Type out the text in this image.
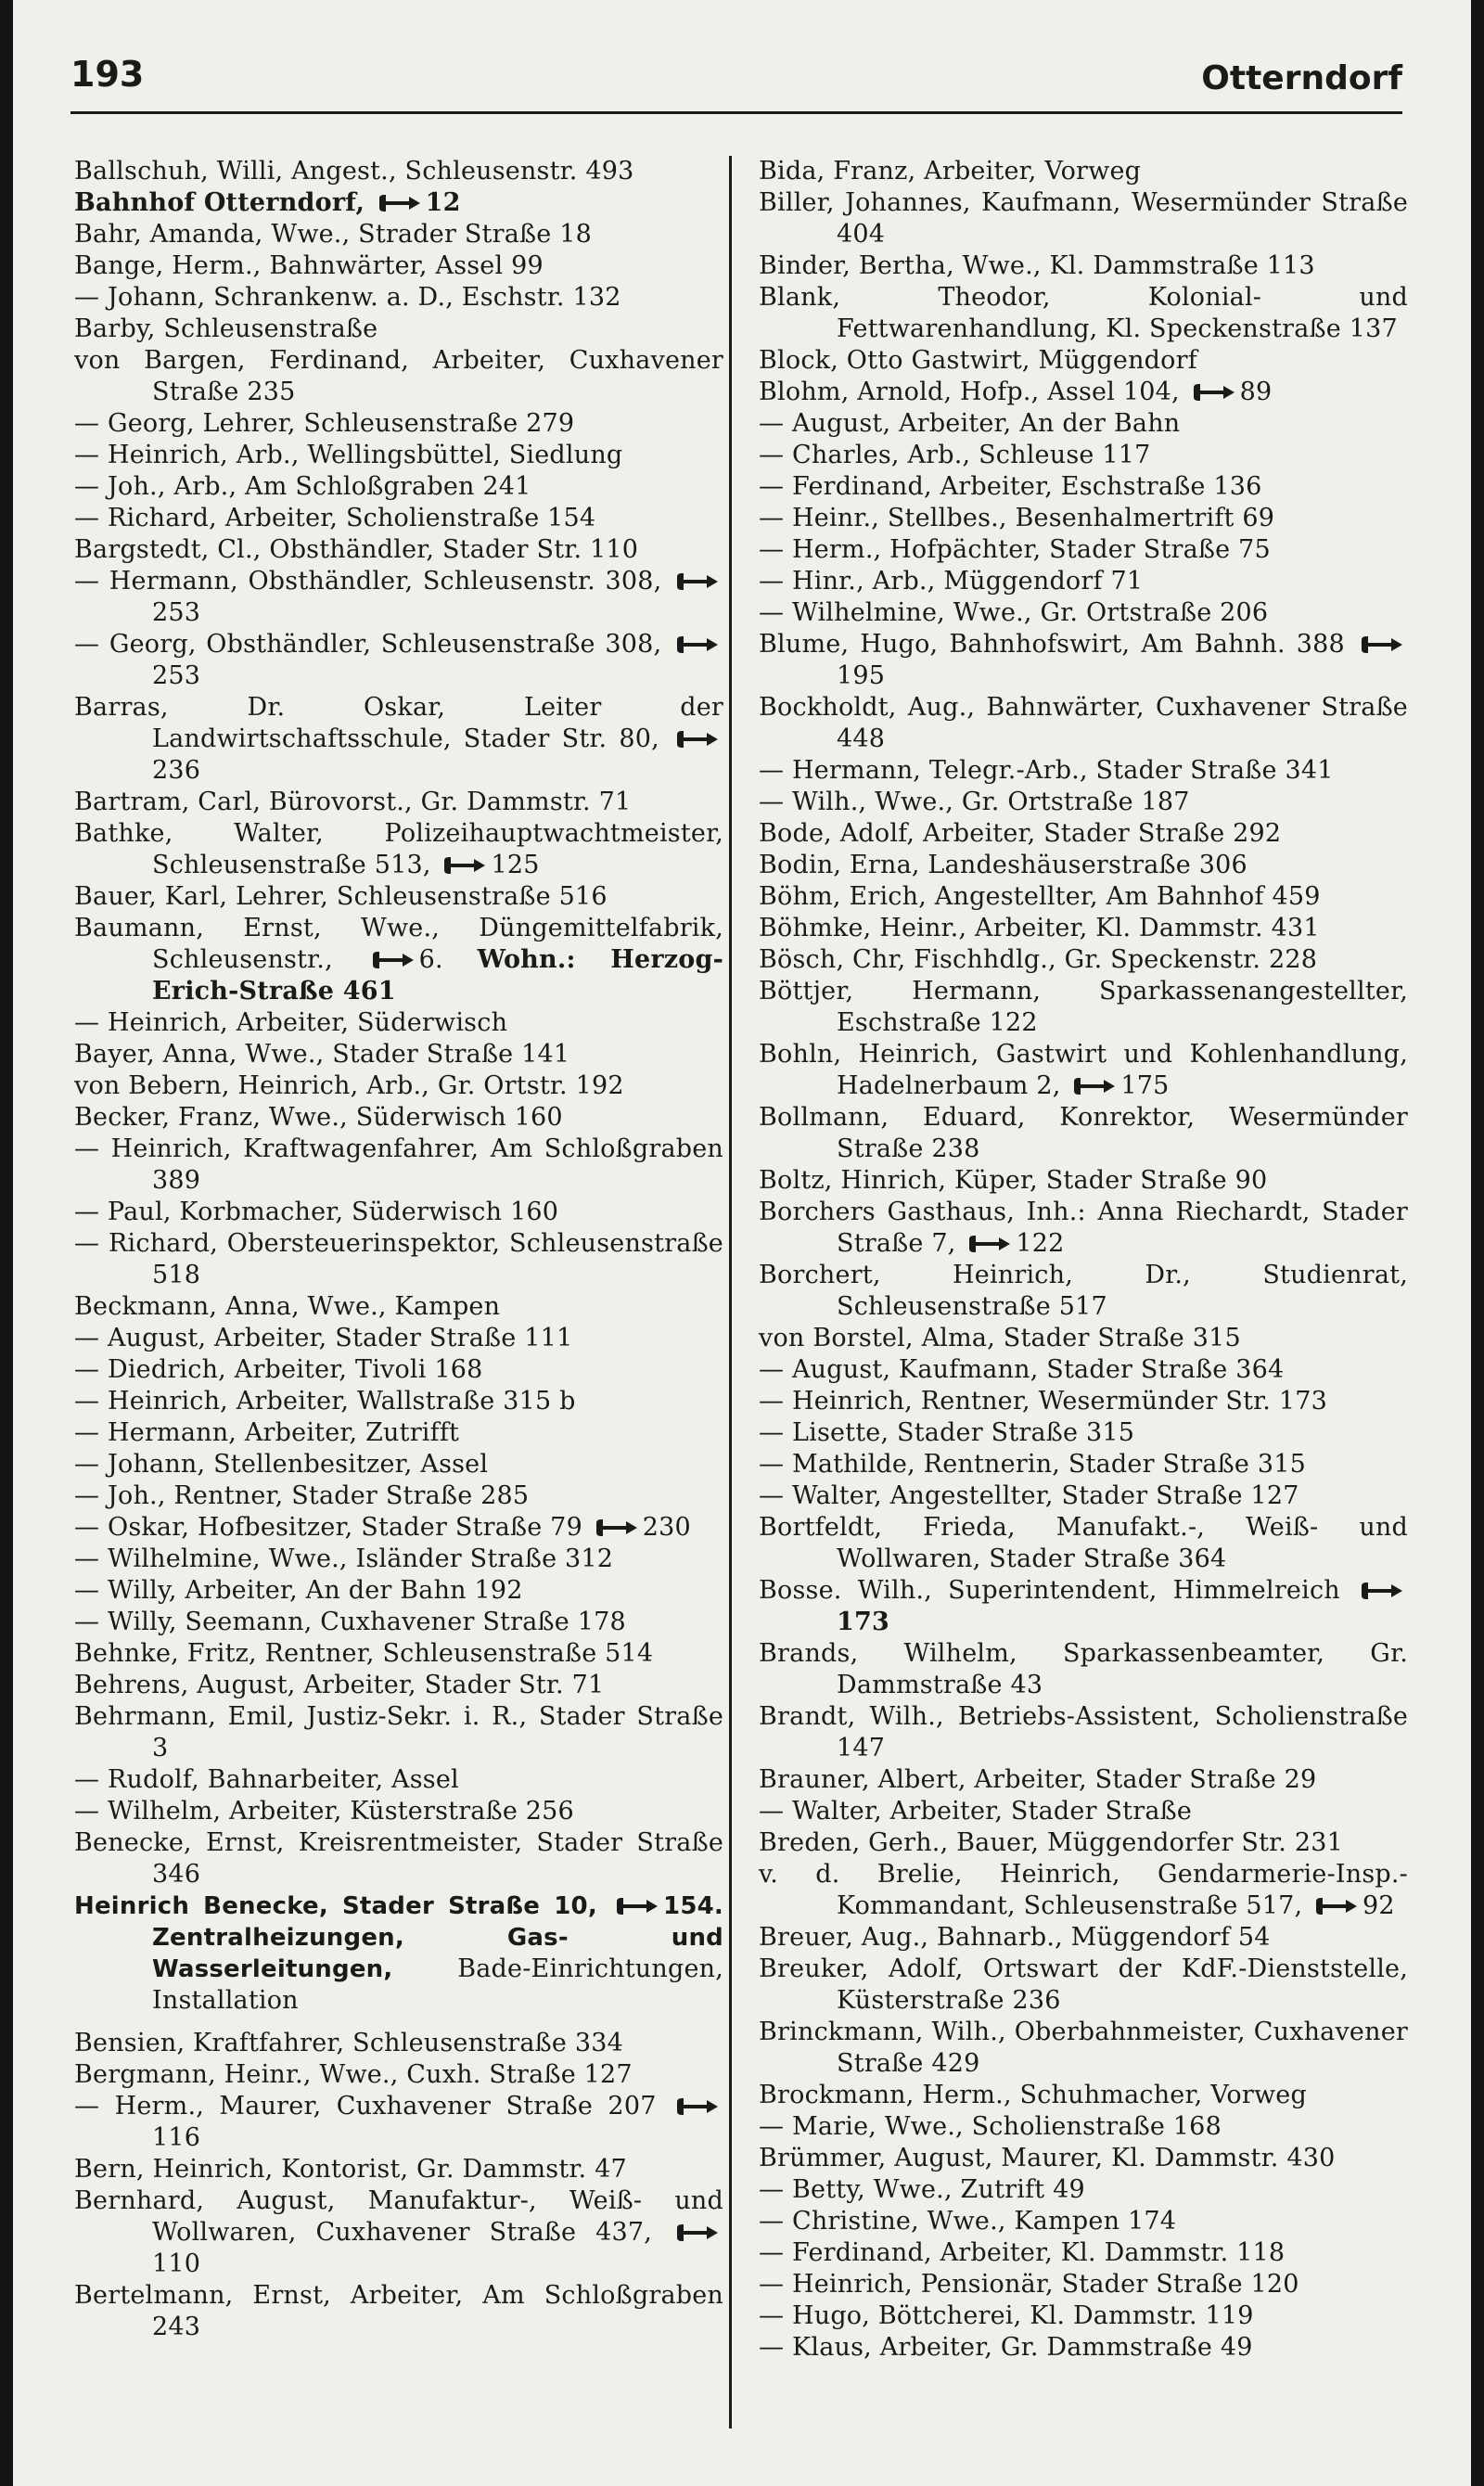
193	Otterndorf

Ballschuh, Willi, Angest., Schleusenstr. 493

Bahnhof Otterndorf, 12

Bahr, Amanda, Wwe., Strader Straße 18

Bange, Herm., Bahnwärter, Assel 99

— Johann, Schrankenw. a. D., Eschstr. 132

Barby, Schleusenstraße

von Bargen, Ferdinand, Arbeiter, Cuxhavener Straße 235

— Georg, Lehrer, Schleusenstraße 279

— Heinrich, Arb., Wellingsbüttel, Siedlung

— Joh., Arb., Am Schloßgraben 241

— Richard, Arbeiter, Scholienstraße 154

Bargstedt, Cl., Obsthändler, Stader Str. 110

— Hermann, Obsthändler, Schleusenstr. 308, 253

— Georg, Obsthändler, Schleusenstraße 308, 253

Barras, Dr. Oskar, Leiter der Landwirtschaftsschule, Stader Str. 80, 236

Bartram, Carl, Bürovorst., Gr. Dammstr. 71

Bathke, Walter, Polizeihauptwachtmeister, Schleusenstraße 513, 125

Bauer, Karl, Lehrer, Schleusenstraße 516

Baumann, Ernst, Wwe., Düngemittelfabrik, Schleusenstr.,	6. Wohn.: Herzog-Erich-Straße 461

— Heinrich, Arbeiter, Süderwisch

Bayer, Anna, Wwe., Stader Straße 141

von Bebern, Heinrich, Arb., Gr. Ortstr. 192

Becker, Franz, Wwe., Süderwisch 160

— Heinrich, Kraftwagenfahrer, Am Schloßgraben 389

— Paul, Korbmacher, Süderwisch 160

— Richard, Obersteuerinspektor, Schleusenstraße 518

Beckmann, Anna, Wwe., Kampen

— August, Arbeiter, Stader Straße 111

— Diedrich, Arbeiter, Tivoli 168

— Heinrich, Arbeiter, Wallstraße 315 b

— Hermann, Arbeiter, Zutrifft

— Johann, Stellenbesitzer, Assel

— Joh., Rentner, Stader Straße 285

— Oskar, Hofbesitzer, Stader Straße 79 230

— Wilhelmine, Wwe., Isländer Straße 312

— Willy, Arbeiter, An der Bahn 192

— Willy, Seemann, Cuxhavener Straße 178

Behnke, Fritz, Rentner, Schleusenstraße 514

Behrens, August, Arbeiter, Stader Str. 71

Behrmann, Emil, Justiz-Sekr. i. R., Stader Straße 3

— Rudolf, Bahnarbeiter, Assel

— Wilhelm, Arbeiter, Küsterstraße 256

Benecke, Ernst, Kreisrentmeister, Stader Straße 346

Heinrich Benecke, Stader Straße 10,	154. Zentralheizungen, Gas- und Wasserleitungen,	Bade-Einrichtungen, Installation

Bensien, Kraftfahrer, Schleusenstraße 334

Bergmann, Heinr., Wwe., Cuxh. Straße 127

— Herm., Maurer, Cuxhavener Straße 207 116

Bern, Heinrich, Kontorist, Gr. Dammstr. 47

Bernhard, August, Manufaktur-, Weiß- und Wollwaren, Cuxhavener Straße 437, 110

Bertelmann, Ernst, Arbeiter, Am Schloßgraben 243

Bida, Franz, Arbeiter, Vorweg

Biller, Johannes, Kaufmann, Wesermünder Straße 404

Binder, Bertha, Wwe., Kl. Dammstraße 113

Blank, Theodor, Kolonial- und Fettwarenhandlung, Kl. Speckenstraße 137

Block, Otto Gastwirt, Müggendorf

Blohm, Arnold, Hofp., Assel 104, 89

— August, Arbeiter, An der Bahn

— Charles, Arb., Schleuse 117

— Ferdinand, Arbeiter, Eschstraße 136

— Heinr., Stellbes., Besenhalmertrift 69

— Herm., Hofpächter, Stader Straße 75

— Hinr., Arb., Müggendorf 71

— Wilhelmine, Wwe., Gr. Ortstraße 206

Blume, Hugo, Bahnhofswirt, Am Bahnh. 388 195

Bockholdt, Aug., Bahnwärter, Cuxhavener Straße 448

— Hermann, Telegr.-Arb., Stader Straße 341

— Wilh., Wwe., Gr. Ortstraße 187

Bode, Adolf, Arbeiter, Stader Straße 292

Bodin, Erna, Landeshäuserstraße 306

Böhm, Erich, Angestellter, Am Bahnhof 459

Böhmke, Heinr., Arbeiter, Kl. Dammstr. 431

Bösch, Chr, Fischhdlg., Gr. Speckenstr. 228

Böttjer, Hermann, Sparkassenangestellter, Eschstraße 122

Bohln, Heinrich, Gastwirt und Kohlenhandlung, Hadelnerbaum 2, 175

Bollmann, Eduard, Konrektor, Wesermünder Straße 238

Boltz, Hinrich, Küper, Stader Straße 90

Borchers Gasthaus, Inh.: Anna Riechardt, Stader Straße 7, 122

Borchert, Heinrich, Dr., Studienrat, Schleusenstraße 517

von Borstel, Alma, Stader Straße 315

— August, Kaufmann, Stader Straße 364

— Heinrich, Rentner, Wesermünder Str. 173

— Lisette, Stader Straße 315

— Mathilde, Rentnerin, Stader Straße 315

— Walter, Angestellter, Stader Straße 127

Bortfeldt, Frieda, Manufakt.-, Weiß- und Wollwaren, Stader Straße 364

Bosse. Wilh., Superintendent, Himmelreich 173

Brands, Wilhelm, Sparkassenbeamter, Gr. Dammstraße 43

Brandt, Wilh., Betriebs-Assistent, Scholienstraße 147

Brauner, Albert, Arbeiter, Stader Straße 29

— Walter, Arbeiter, Stader Straße

Breden, Gerh., Bauer, Müggendorfer Str. 231

v. d. Brelie, Heinrich, Gendarmerie-Insp.-Kommandant, Schleusenstraße 517, 92

Breuer, Aug., Bahnarb., Müggendorf 54

Breuker, Adolf, Ortswart der KdF.-Dienststelle, Küsterstraße 236

Brinckmann, Wilh., Oberbahnmeister, Cuxhavener Straße 429

Brockmann, Herm., Schuhmacher, Vorweg

— Marie, Wwe., Scholienstraße 168

Brümmer, August, Maurer, Kl. Dammstr. 430

— Betty, Wwe., Zutrift 49

— Christine, Wwe., Kampen 174

— Ferdinand, Arbeiter, Kl. Dammstr. 118

— Heinrich, Pensionär, Stader Straße 120

— Hugo, Böttcherei, Kl. Dammstr. 119

— Klaus, Arbeiter, Gr. Dammstraße 49
